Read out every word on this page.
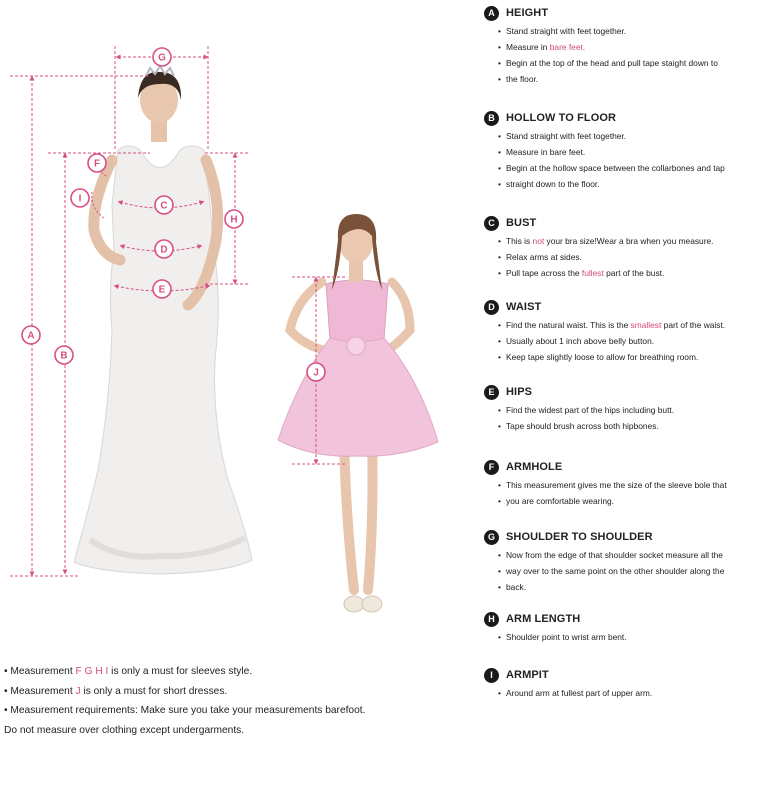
G
F
I
C
H
D
E
A
B
J
A	HEIGHT
• Stand straight with feet together.
• Measure in bare feet.
• Begin at the top of the head and pull tape staight down to
• the floor.
B	HOLLOW TO FLOOR
• Stand straight with feet together.
• Measure in bare feet.
• Begin at the hollow space between the collarbones and tap
• straight down to the floor.
C	BUST
• This is not your bra size!Wear a bra when you measure.
• Relax arms at sides.
• Pull tape across the fullest part of the bust.
D	WAIST
• Find the natural waist. This is the smallest part of the waist.
• Usually about 1 inch above belly button.
• Keep tape slightly loose to allow for breathing room.
E	HIPS
• Find the widest part of the hips including butt.
• Tape should brush across both hipbones.
F	ARMHOLE
• This measurement gives me the size of the sleeve bole that
• you are comfortable wearing.
G	SHOULDER TO SHOULDER
• Now from the edge of that shoulder socket measure all the
• way over to the same point on the other shoulder along the
• back.
H	ARM LENGTH
• Shoulder point to wrist arm bent.
I	ARMPIT
• Around arm at fullest part of upper arm.
• Measurement F G H I is only a must for sleeves style.
• Measurement J is only a must for short dresses.
• Measurement requirements: Make sure you take your measurements barefoot.
Do not measure over clothing except undergarments.
